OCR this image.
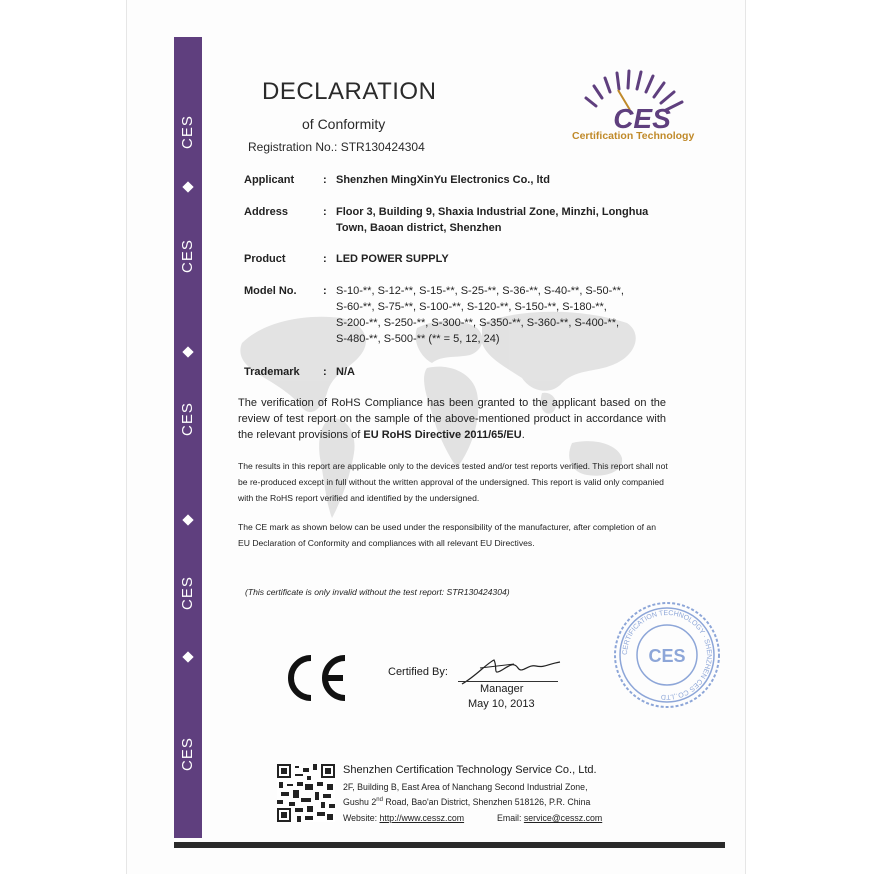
CES
CES
CES
CES
CES
DECLARATION
of Conformity
Registration No.: STR130424304
CES
Certification Technology
Applicant	: Shenzhen MingXinYu Electronics Co., ltd
Address	: Floor 3, Building 9, Shaxia Industrial Zone, Minzhi, Longhua
Town, Baoan district, Shenzhen
Product	: LED POWER SUPPLY
Model No. : S-10-**, S-12-**, S-15-**, S-25-**, S-36-**, S-40-**, S-50-**,
S-60-**, S-75-**, S-100-**, S-120-**, S-150-**, S-180-**,
S-200-**, S-250-**, S-300-**, S-350-**, S-360-**, S-400-**,
S-480-**, S-500-** (** = 5, 12, 24)
Trademark : N/A
The verification of RoHS Compliance has been granted to the applicant based on the review of test report on the sample of the above-mentioned product in accordance with the relevant provisions of EU RoHS Directive 2011/65/EU.
The results in this report are applicable only to the devices tested and/or test reports verified. This report shall not be re-produced except in full without the written approval of the undersigned. This report is valid only companied with the RoHS report verified and identified by the undersigned.
The CE mark as shown below can be used under the responsibility of the manufacturer, after completion of an EU Declaration of Conformity and compliances with all relevant EU Directives.
(This certificate is only invalid without the test report: STR130424304)
Certified By:
Manager
May 10, 2013
CERTIFICATION TECHNOLOGY · SHENZHEN CES CO.,LTD
CES
Shenzhen Certification Technology Service Co., Ltd.
2F, Building B, East Area of Nanchang Second Industrial Zone,
Gushu 2nd Road, Bao'an District, Shenzhen 518126, P.R. China
Website: http://www.cessz.com	Email: service@cessz.com
